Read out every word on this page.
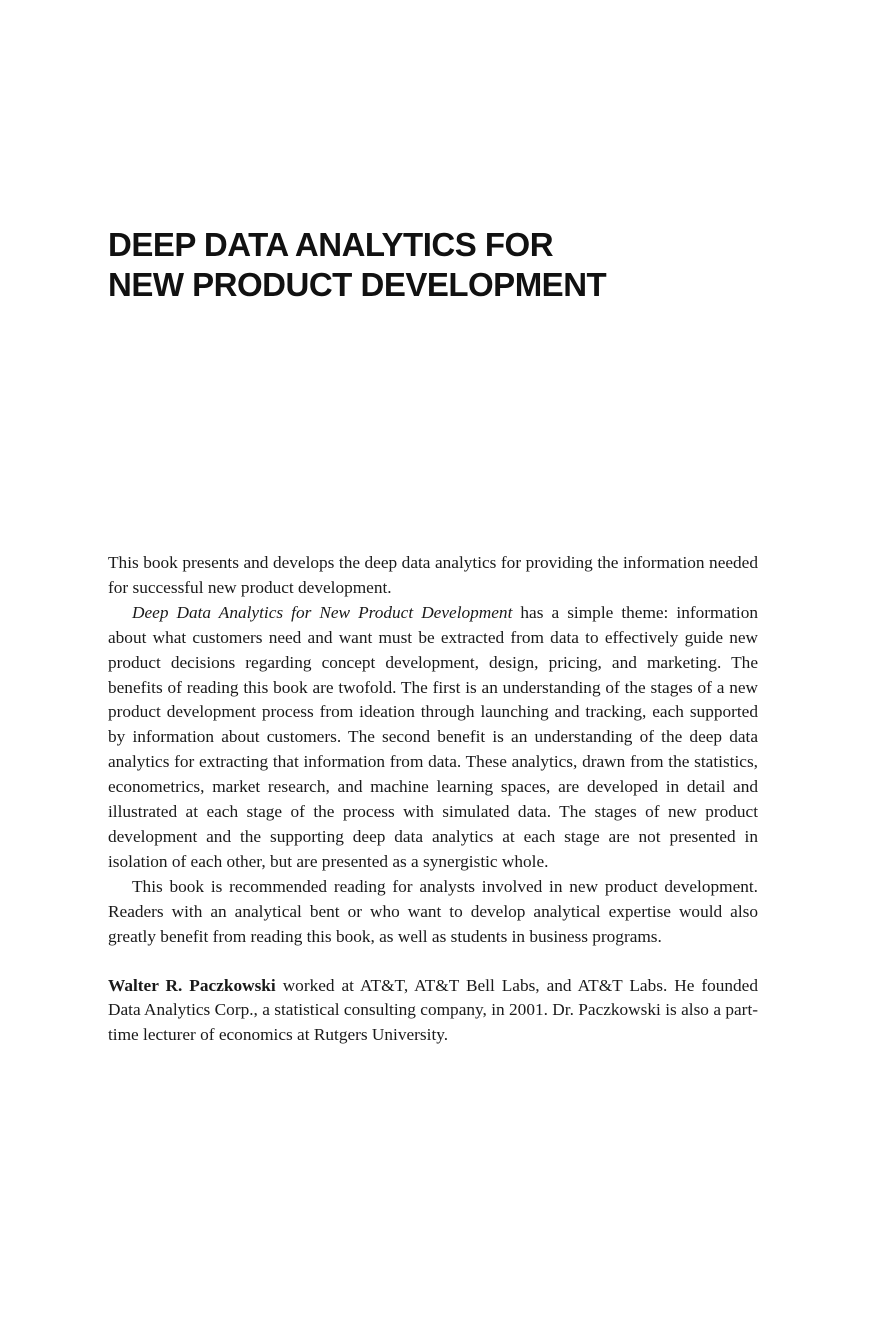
DEEP DATA ANALYTICS FOR
NEW PRODUCT DEVELOPMENT

This book presents and develops the deep data analytics for providing the information needed for successful new product development.

Deep Data Analytics for New Product Development has a simple theme: information about what customers need and want must be extracted from data to effectively guide new product decisions regarding concept development, design, pricing, and marketing. The benefits of reading this book are twofold. The first is an understanding of the stages of a new product development process from ideation through launching and tracking, each supported by information about customers. The second benefit is an understanding of the deep data analytics for extracting that information from data. These analytics, drawn from the statistics, econometrics, market research, and machine learning spaces, are developed in detail and illustrated at each stage of the process with simulated data. The stages of new product development and the supporting deep data analytics at each stage are not presented in isolation of each other, but are presented as a synergistic whole.

This book is recommended reading for analysts involved in new product development. Readers with an analytical bent or who want to develop analytical expertise would also greatly benefit from reading this book, as well as students in business programs.

Walter R. Paczkowski worked at AT&T, AT&T Bell Labs, and AT&T Labs. He founded Data Analytics Corp., a statistical consulting company, in 2001. Dr. Paczkowski is also a part-time lecturer of economics at Rutgers University.
